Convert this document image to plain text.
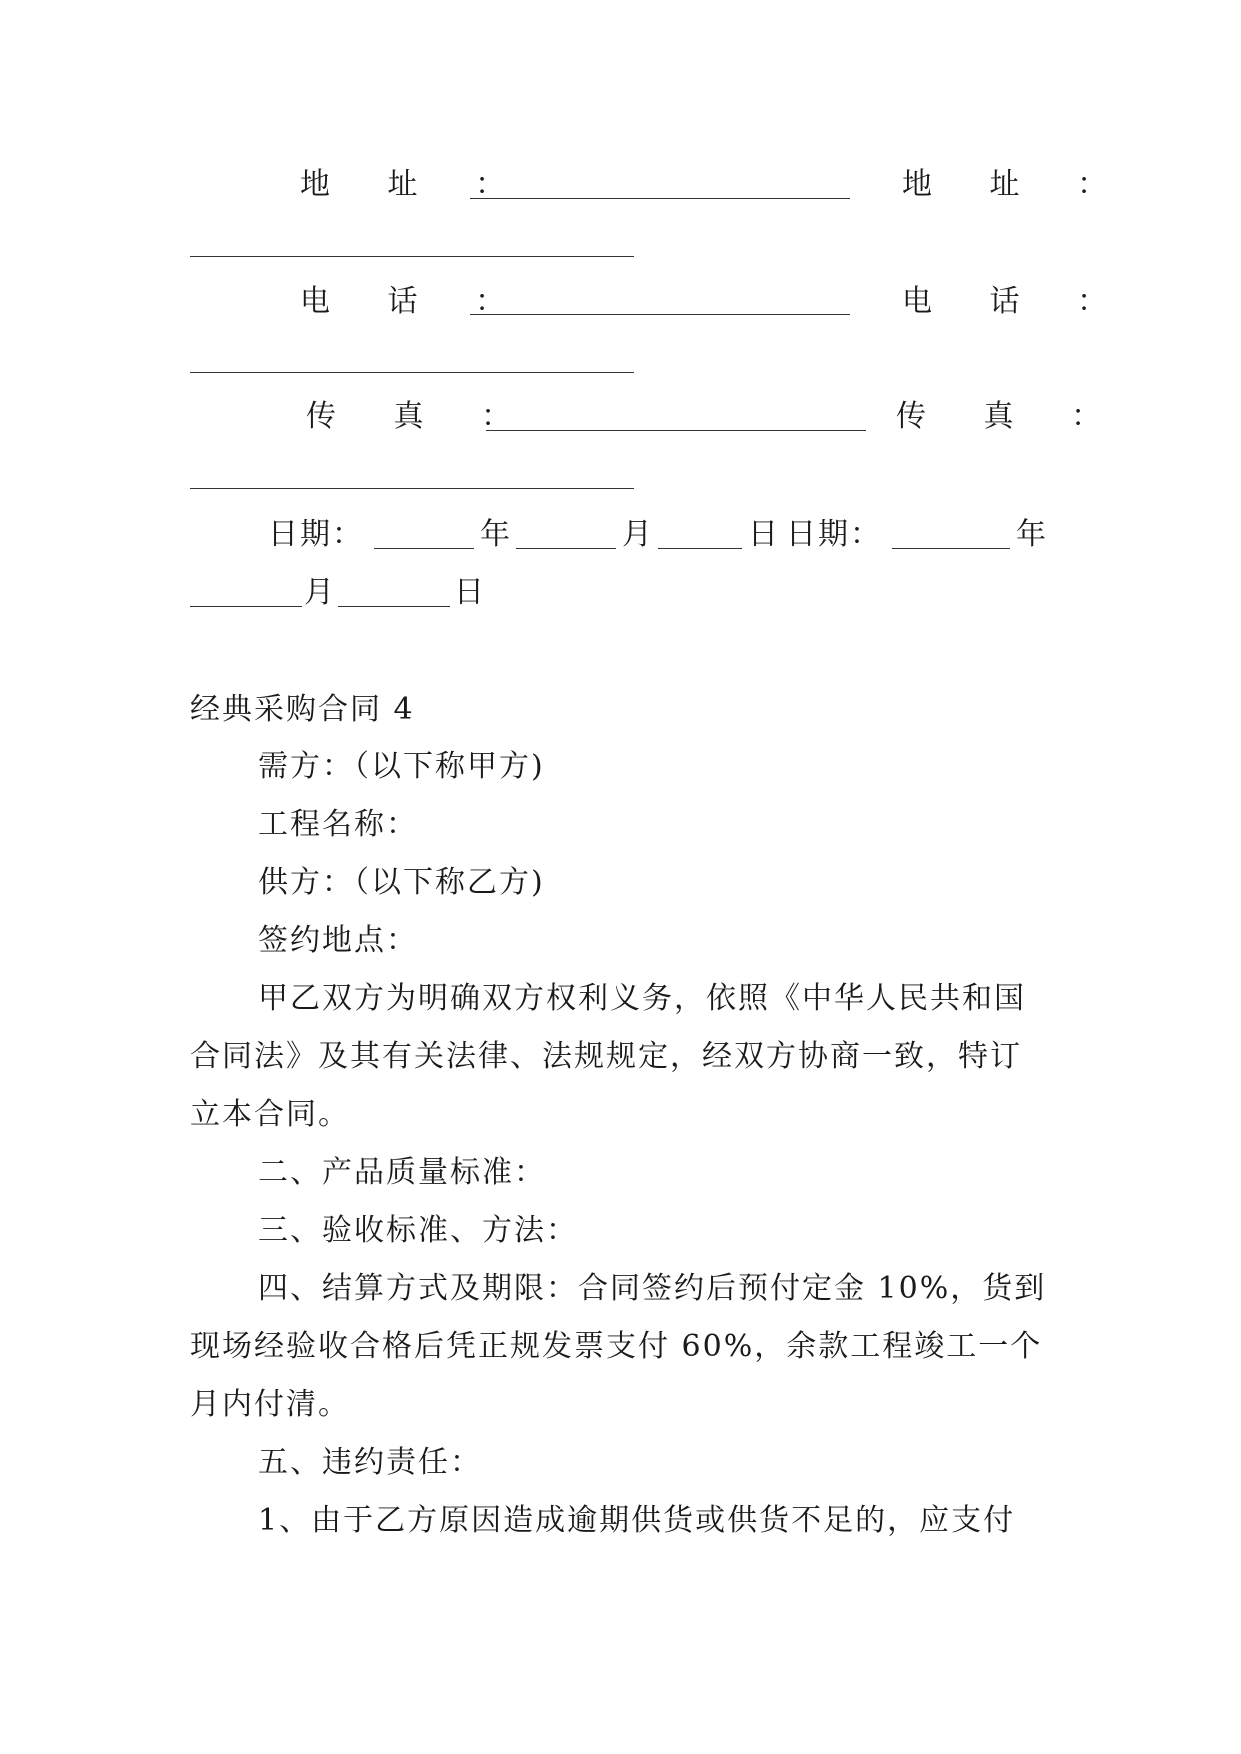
地 址 ：	地 址 ：
电 话 ：	电 话 ：
传 真 ：	传 真 ：
日期：	年	月	日 日期：	年
月	日
经典采购合同 4
需方：（以下称甲方)
工程名称：
供方：（以下称乙方)
签约地点：
甲乙双方为明确双方权利义务，依照《中华人民共和国
合同法》及其有关法律、法规规定，经双方协商一致，特订
立本合同。
二、产品质量标准：
三、验收标准、方法：
四、结算方式及期限：合同签约后预付定金 10%，货到
现场经验收合格后凭正规发票支付 60%，余款工程竣工一个
月内付清。
五、违约责任：
1、由于乙方原因造成逾期供货或供货不足的，应支付
